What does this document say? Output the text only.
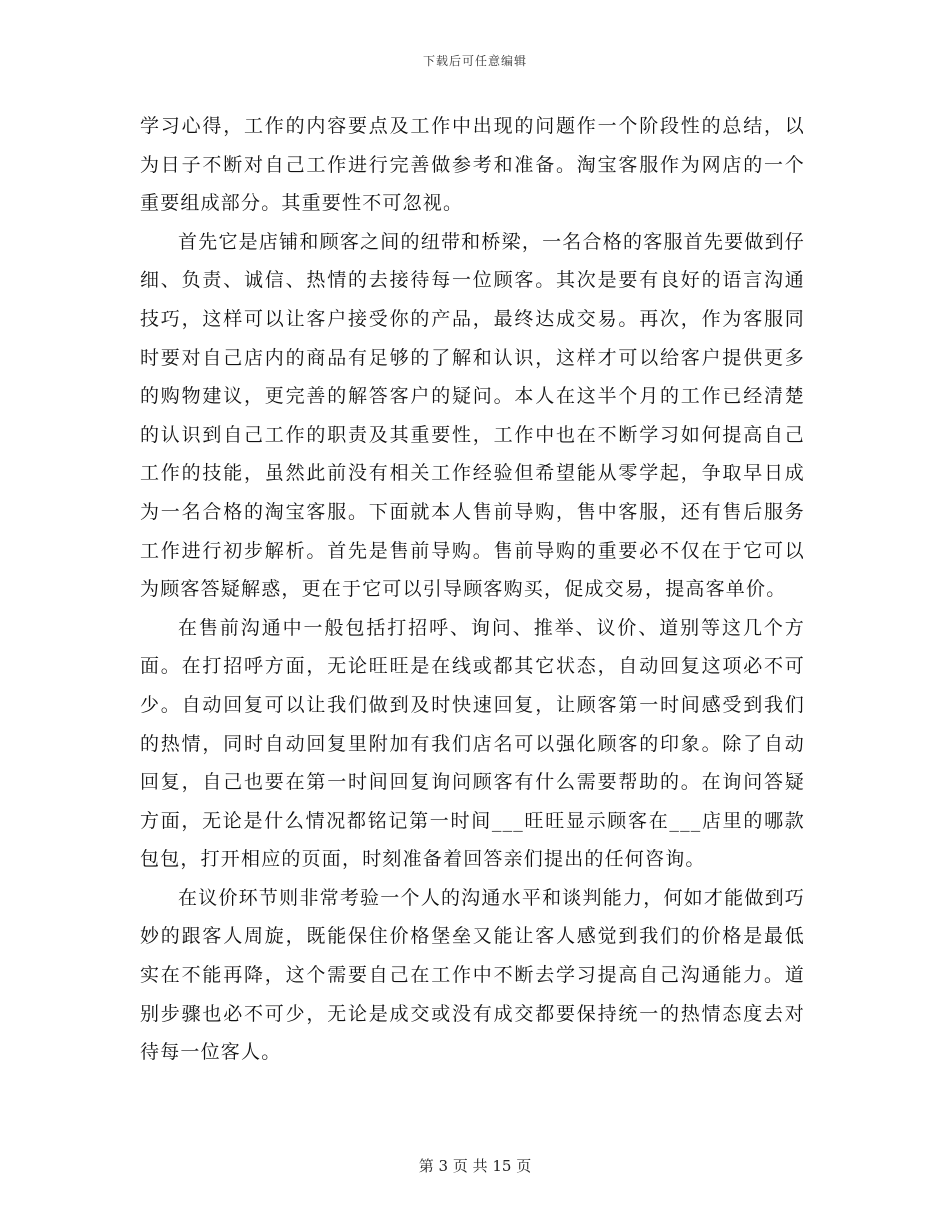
下载后可任意编辑

学习心得，工作的内容要点及工作中出现的问题作一个阶段性的总结，以为日子不断对自己工作进行完善做参考和准备。淘宝客服作为网店的一个重要组成部分。其重要性不可忽视。

首先它是店铺和顾客之间的纽带和桥梁，一名合格的客服首先要做到仔细、负责、诚信、热情的去接待每一位顾客。其次是要有良好的语言沟通技巧，这样可以让客户接受你的产品，最终达成交易。再次，作为客服同时要对自己店内的商品有足够的了解和认识，这样才可以给客户提供更多的购物建议，更完善的解答客户的疑问。本人在这半个月的工作已经清楚的认识到自己工作的职责及其重要性，工作中也在不断学习如何提高自己工作的技能，虽然此前没有相关工作经验但希望能从零学起，争取早日成为一名合格的淘宝客服。下面就本人售前导购，售中客服，还有售后服务工作进行初步解析。首先是售前导购。售前导购的重要必不仅在于它可以为顾客答疑解惑，更在于它可以引导顾客购买，促成交易，提高客单价。

在售前沟通中一般包括打招呼、询问、推举、议价、道别等这几个方面。在打招呼方面，无论旺旺是在线或都其它状态，自动回复这项必不可少。自动回复可以让我们做到及时快速回复，让顾客第一时间感受到我们的热情，同时自动回复里附加有我们店名可以强化顾客的印象。除了自动回复，自己也要在第一时间回复询问顾客有什么需要帮助的。在询问答疑方面，无论是什么情况都铭记第一时间___旺旺显示顾客在___店里的哪款包包，打开相应的页面，时刻准备着回答亲们提出的任何咨询。

在议价环节则非常考验一个人的沟通水平和谈判能力，何如才能做到巧妙的跟客人周旋，既能保住价格堡垒又能让客人感觉到我们的价格是最低实在不能再降，这个需要自己在工作中不断去学习提高自己沟通能力。道别步骤也必不可少，无论是成交或没有成交都要保持统一的热情态度去对待每一位客人。

第 3 页 共 15 页
